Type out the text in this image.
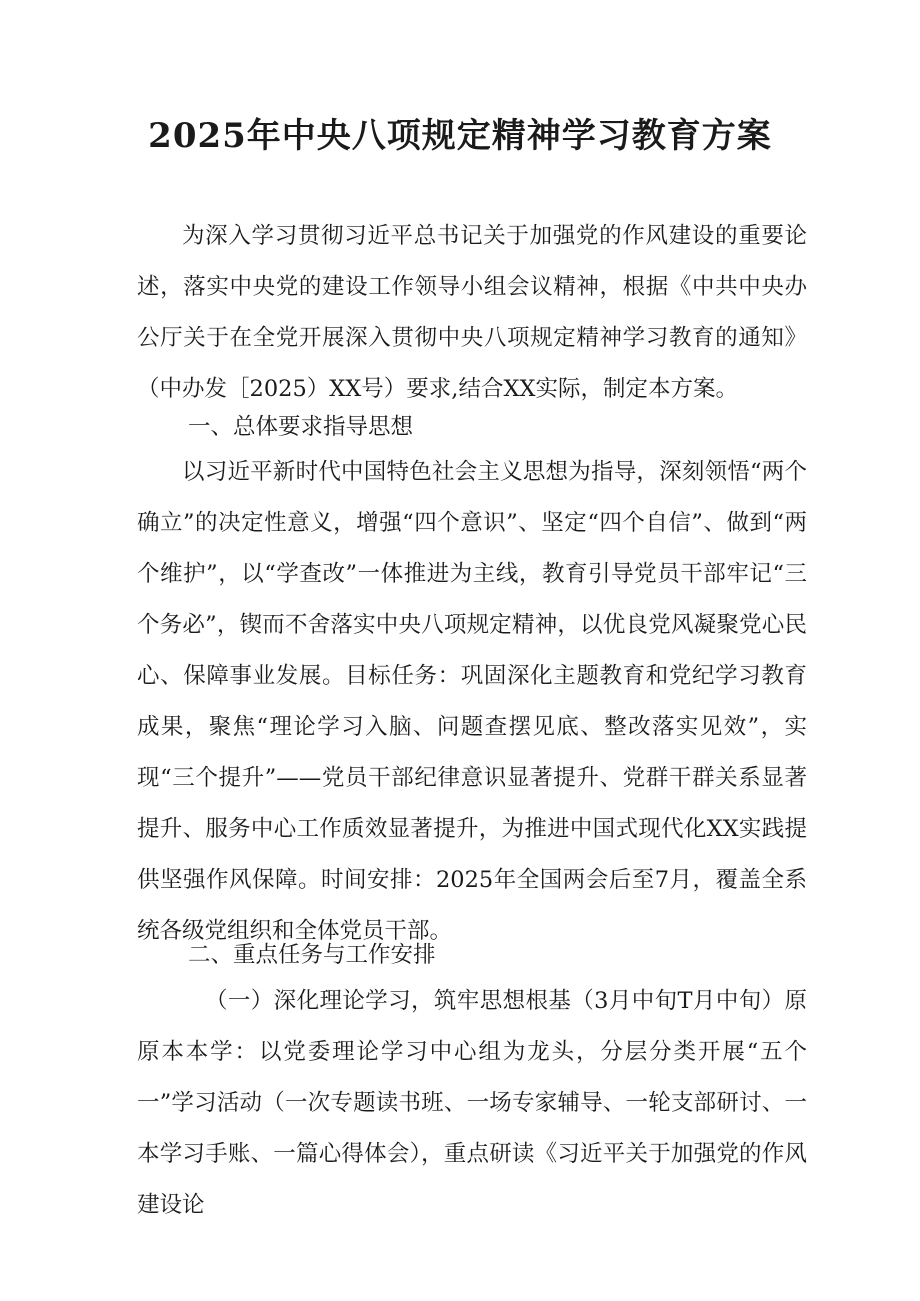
2025年中央八项规定精神学习教育方案

为深入学习贯彻习近平总书记关于加强党的作风建设的重要论述，落实中央党的建设工作领导小组会议精神，根据《中共中央办公厅关于在全党开展深入贯彻中央八项规定精神学习教育的通知》（中办发［2025）XX号）要求,结合XX实际，制定本方案。

一、总体要求指导思想

以习近平新时代中国特色社会主义思想为指导，深刻领悟“两个确立”的决定性意义，增强“四个意识”、坚定“四个自信”、做到“两个维护”，以“学查改”一体推进为主线，教育引导党员干部牢记“三个务必”，锲而不舍落实中央八项规定精神，以优良党风凝聚党心民心、保障事业发展。目标任务：巩固深化主题教育和党纪学习教育成果，聚焦“理论学习入脑、问题查摆见底、整改落实见效”，实现“三个提升”——党员干部纪律意识显著提升、党群干群关系显著提升、服务中心工作质效显著提升，为推进中国式现代化XX实践提供坚强作风保障。时间安排：2025年全国两会后至7月，覆盖全系统各级党组织和全体党员干部。

二、重点任务与工作安排

（一）深化理论学习，筑牢思想根基（3月中旬T月中旬）原原本本学：以党委理论学习中心组为龙头，分层分类开展“五个一”学习活动（一次专题读书班、一场专家辅导、一轮支部研讨、一本学习手账、一篇心得体会），重点研读《习近平关于加强党的作风建设论
